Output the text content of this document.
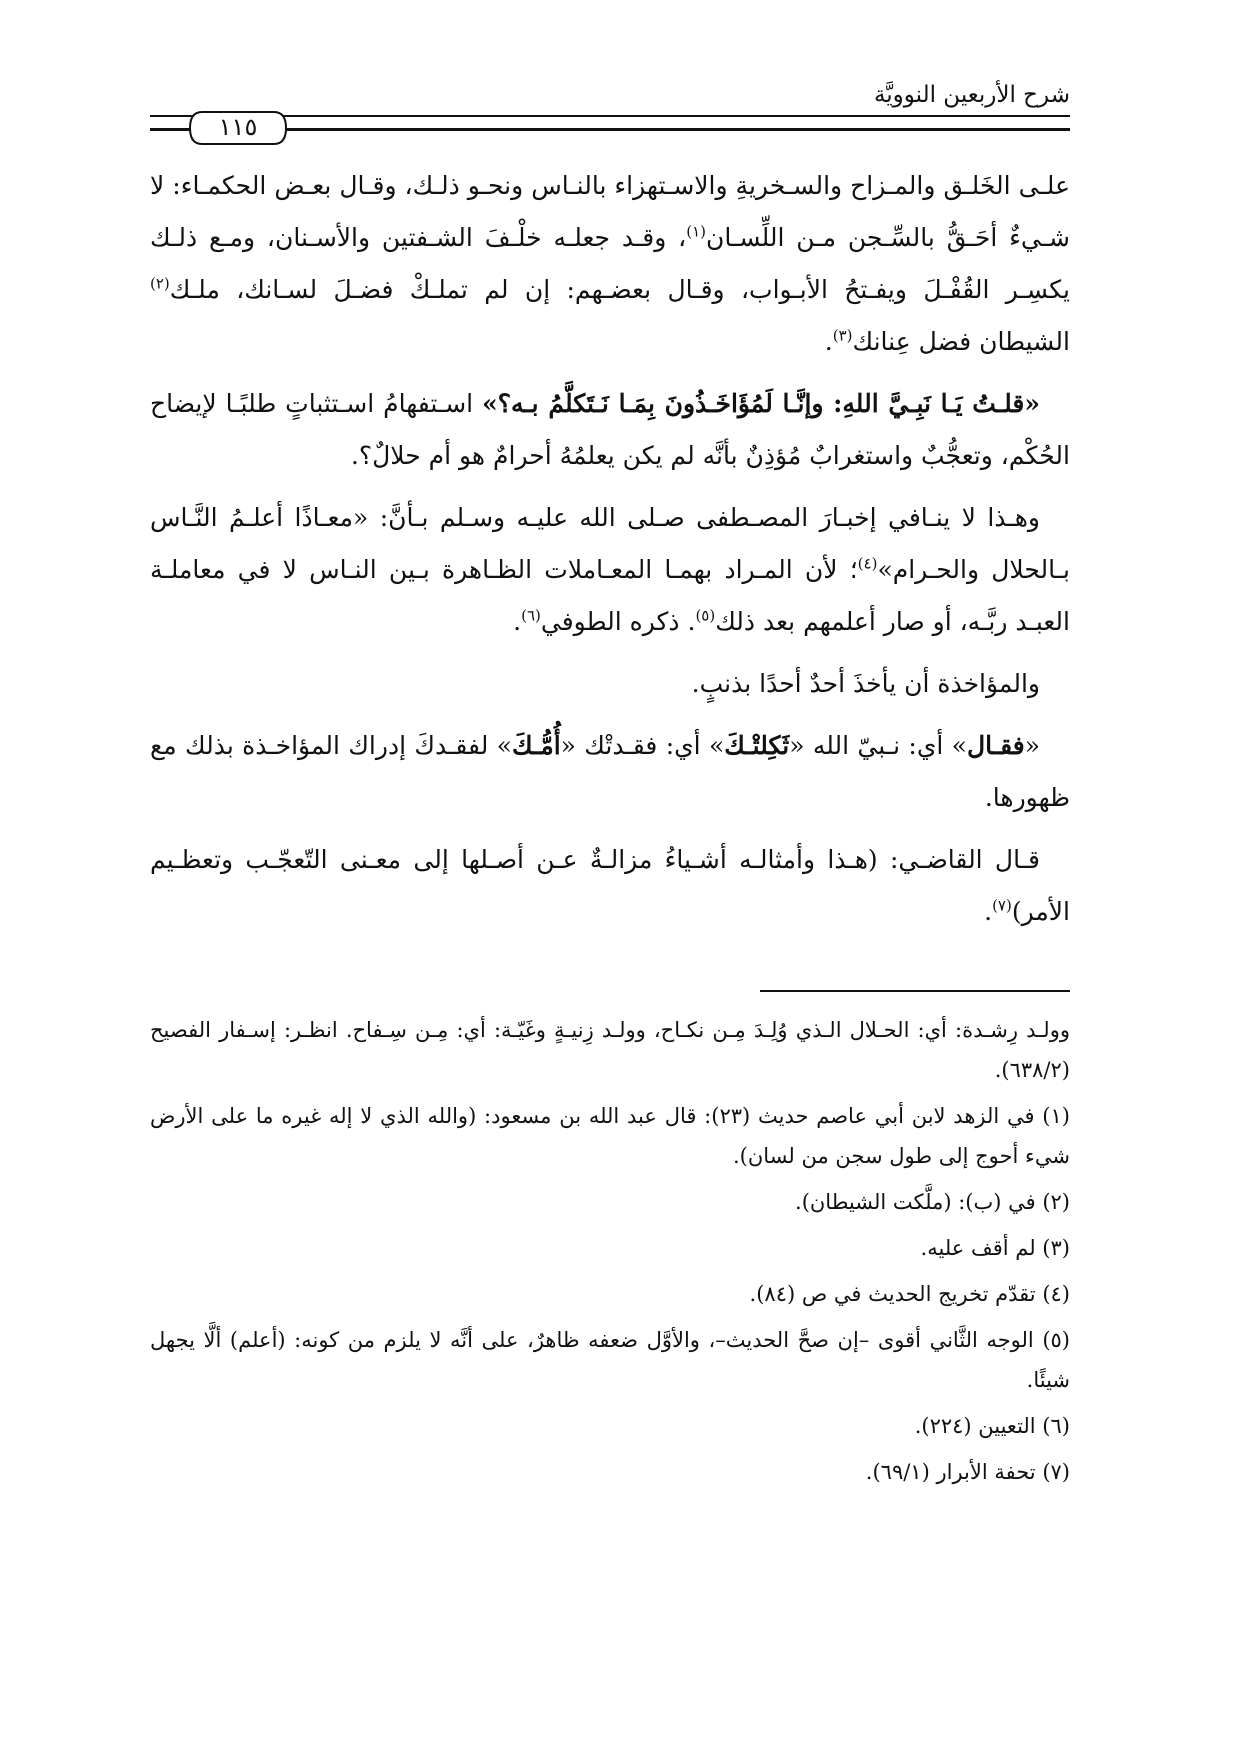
شرح الأربعين النوويَّة
١١٥

علـى الخَلـق والمـزاح والسـخريةِ والاسـتهزاء بالنـاس ونحـو ذلـك، وقـال بعـض الحكمـاء: لا شـيءٌ أحَـقُّ بالسِّـجن مـن اللِّسـان$^{(١)}$، وقـد جعلـه خلْـفَ الشـفتين والأسـنان، ومـع ذلـك يكسِـر القُفْـلَ ويفـتحُ الأبـواب، وقـال بعضـهم: إن لم تملـكْ فضـلَ لسـانك، ملـك$^{(٢)}$ الشيطان فضل عِنانك$^{(٣)}$.

«قلـتُ يَـا نَبِـيَّ اللهِ: وإنَّـا لَمُؤَاخَـذُونَ بِمَـا نَـتَكلَّمُ بـه؟» اسـتفهامُ اسـتثباتٍ طلبًـا لإيضاح الحُكْم، وتعجُّبٌ واستغرابٌ مُؤذِنٌ بأنَّه لم يكن يعلمُهُ أحرامٌ هو أم حلالٌ؟.

وهـذا لا ينـافي إخبـارَ المصـطفى صـلى الله عليـه وسـلم بـأنَّ: «معـاذًا أعلـمُ النَّـاس بـالحلال والحـرام»$^{(٤)}$؛ لأن المـراد بهمـا المعـاملات الظـاهرة بـين النـاس لا في معاملـة العبـد ربَّـه، أو صار أعلمهم بعد ذلك$^{(٥)}$. ذكره الطوفي$^{(٦)}$.

والمؤاخذة أن يأخذَ أحدٌ أحدًا بذنبٍ.

«فقـال» أي: نـبيّ الله «ثَكِلتْـكَ» أي: فقـدتْك «أُمُّـكَ» لفقـدكَ إدراك المؤاخـذة بذلك مع ظهورها.

قـال القاضـي: (هـذا وأمثالـه أشـياءُ مزالـةٌ عـن أصـلها إلى معـنى التّعجّـب وتعظـيم الأمر)$^{(٧)}$.

وولـد رِشـدة: أي: الحـلال الـذي وُلِـدَ مِـن نكـاح، وولـد زِنيـةٍ وغَيّـة: أي: مِـن سِـفاح. انظـر: إسـفار الفصيح (٦٣٨/٢).

(١) في الزهد لابن أبي عاصم حديث (٢٣): قال عبد الله بن مسعود: (والله الذي لا إله غيره ما على الأرض شيء أحوج إلى طول سجن من لسان).

(٢) في (ب): (ملَّكت الشيطان).

(٣) لم أقف عليه.

(٤) تقدّم تخريج الحديث في ص (٨٤).

(٥) الوجه الثَّاني أقوى –إن صحَّ الحديث–، والأوَّل ضعفه ظاهرٌ، على أنَّه لا يلزم من كونه: (أعلم) ألَّا يجهل شيئًا.

(٦) التعيين (٢٢٤).

(٧) تحفة الأبرار (٦٩/١).
